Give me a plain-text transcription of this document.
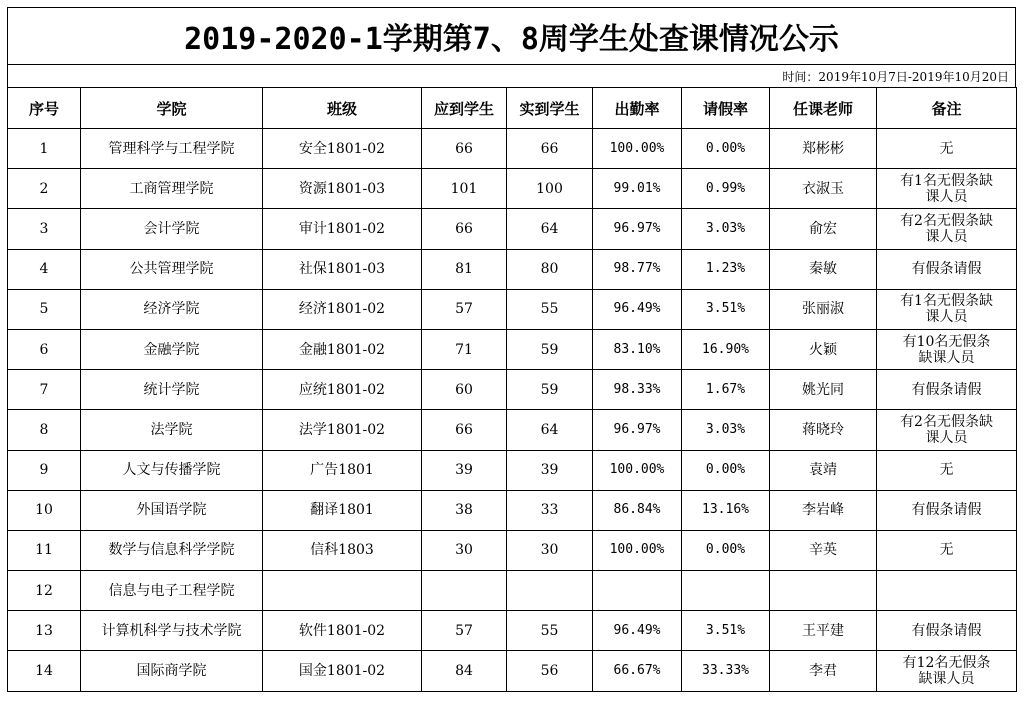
2019-2020-1学期第7、8周学生处查课情况公示
时间：2019年10月7日-2019年10月20日
序号	学院	班级	应到学生	实到学生	出勤率	请假率	任课老师	备注
1	管理科学与工程学院	安全1801-02	66	66	100.00%	0.00%	郑彬彬	无

2	工商管理学院	资源1801-03	101	100	99.01%	0.99%	衣淑玉	有1名无假条缺课人员

3	会计学院	审计1801-02	66	64	96.97%	3.03%	俞宏	有2名无假条缺课人员

4	公共管理学院	社保1801-03	81	80	98.77%	1.23%	秦敏	有假条请假

5	经济学院	经济1801-02	57	55	96.49%	3.51%	张丽淑	有1名无假条缺课人员

6	金融学院	金融1801-02	71	59	83.10%	16.90%	火颖	有10名无假条缺课人员

7	统计学院	应统1801-02	60	59	98.33%	1.67%	姚光同	有假条请假

8	法学院	法学1801-02	66	64	96.97%	3.03%	蒋晓玲	有2名无假条缺课人员

9	人文与传播学院	广告1801	39	39	100.00%	0.00%	袁靖	无

10	外国语学院	翻译1801	38	33	86.84%	13.16%	李岩峰	有假条请假

11	数学与信息科学学院	信科1803	30	30	100.00%	0.00%	辛英	无

12	信息与电子工程学院							

13	计算机科学与技术学院	软件1801-02	57	55	96.49%	3.51%	王平建	有假条请假

14	国际商学院	国金1801-02	84	56	66.67%	33.33%	李君	有12名无假条缺课人员
